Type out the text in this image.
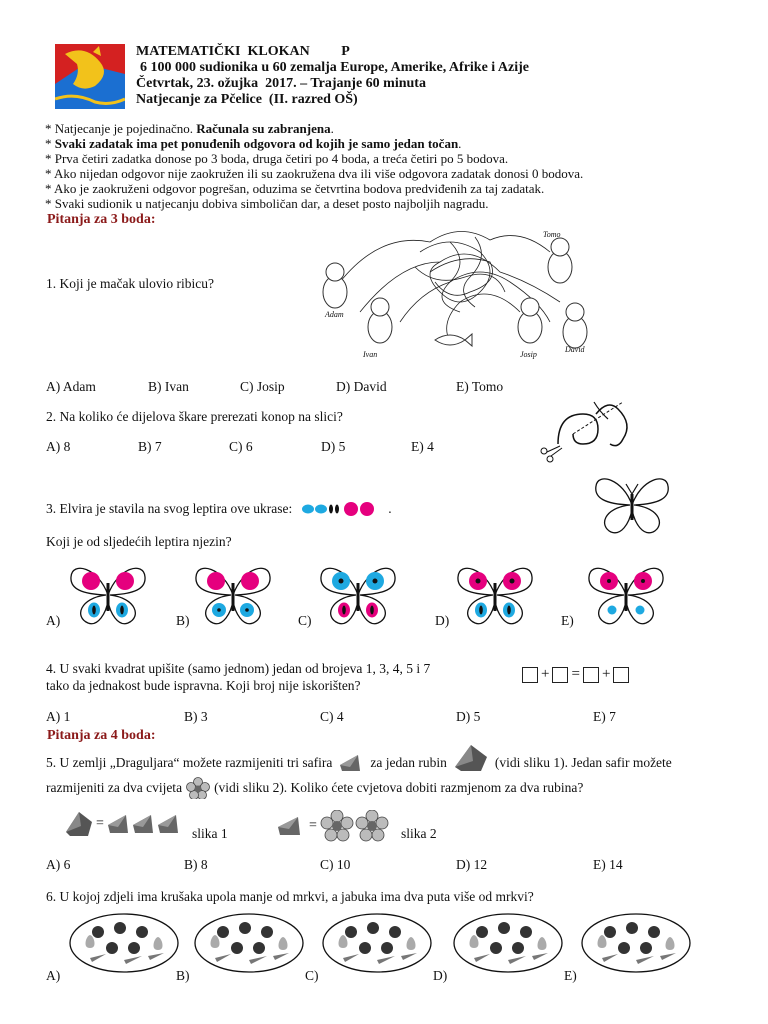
MATEMATIČKI  KLOKAN         P
6 100 000 sudionika u 60 zemalja Europe, Amerike, Afrike i Azije
Četvrtak, 23. ožujka  2017. – Trajanje 60 minuta
Natjecanje za Pčelice  (II. razred OŠ)
* Natjecanje je pojedinačno. Računala su zabranjena.
* Svaki zadatak ima pet ponuđenih odgovora od kojih je samo jedan točan.
* Prva četiri zadatka donose po 3 boda, druga četiri po 4 boda, a treća četiri po 5 bodova.
* Ako nijedan odgovor nije zaokružen ili su zaokružena dva ili više odgovora zadatak donosi 0 bodova.
* Ako je zaokruženi odgovor pogrešan, oduzima se četvrtina bodova predviđenih za taj zadatak.
* Svaki sudionik u natjecanju dobiva simboličan dar, a deset posto najboljih nagradu.
Pitanja za 3 boda:
1. Koji je mačak ulovio ribicu?
Tomo
Adam
Ivan	Josip
David
A) Adam	B) Ivan	C) Josip	D) David	E) Tomo
2. Na koliko će dijelova škare prerezati konop na slici?
A) 8	B) 7	C) 6	D) 5	E) 4
3. Elvira je stavila na svog leptira ove ukrase:	.
Koji je od sljedećih leptira njezin?
A)	B)	C)	D)	E)
4. U svaki kvadrat upišite (samo jednom) jedan od brojeva 1, 3, 4, 5 i 7
tako da jednakost bude ispravna. Koji broj nije iskorišten?
+ = +
A) 1	B) 3	C) 4	D) 5	E) 7
Pitanja za 4 boda:
5. U zemlji „Draguljara“ možete razmijeniti tri safira	za jedan rubin	(vidi sliku 1). Jedan safir možete
razmijeniti za dva cvijeta (vidi sliku 2). Koliko ćete cvjetova dobiti razmjenom za dva rubina?
=
slika 1
=
slika 2
A) 6	B) 8	C) 10	D) 12	E) 14
6. U kojoj zdjeli ima krušaka upola manje od mrkvi, a jabuka ima dva puta više od mrkvi?
A)	B)	C)	D)	E)
